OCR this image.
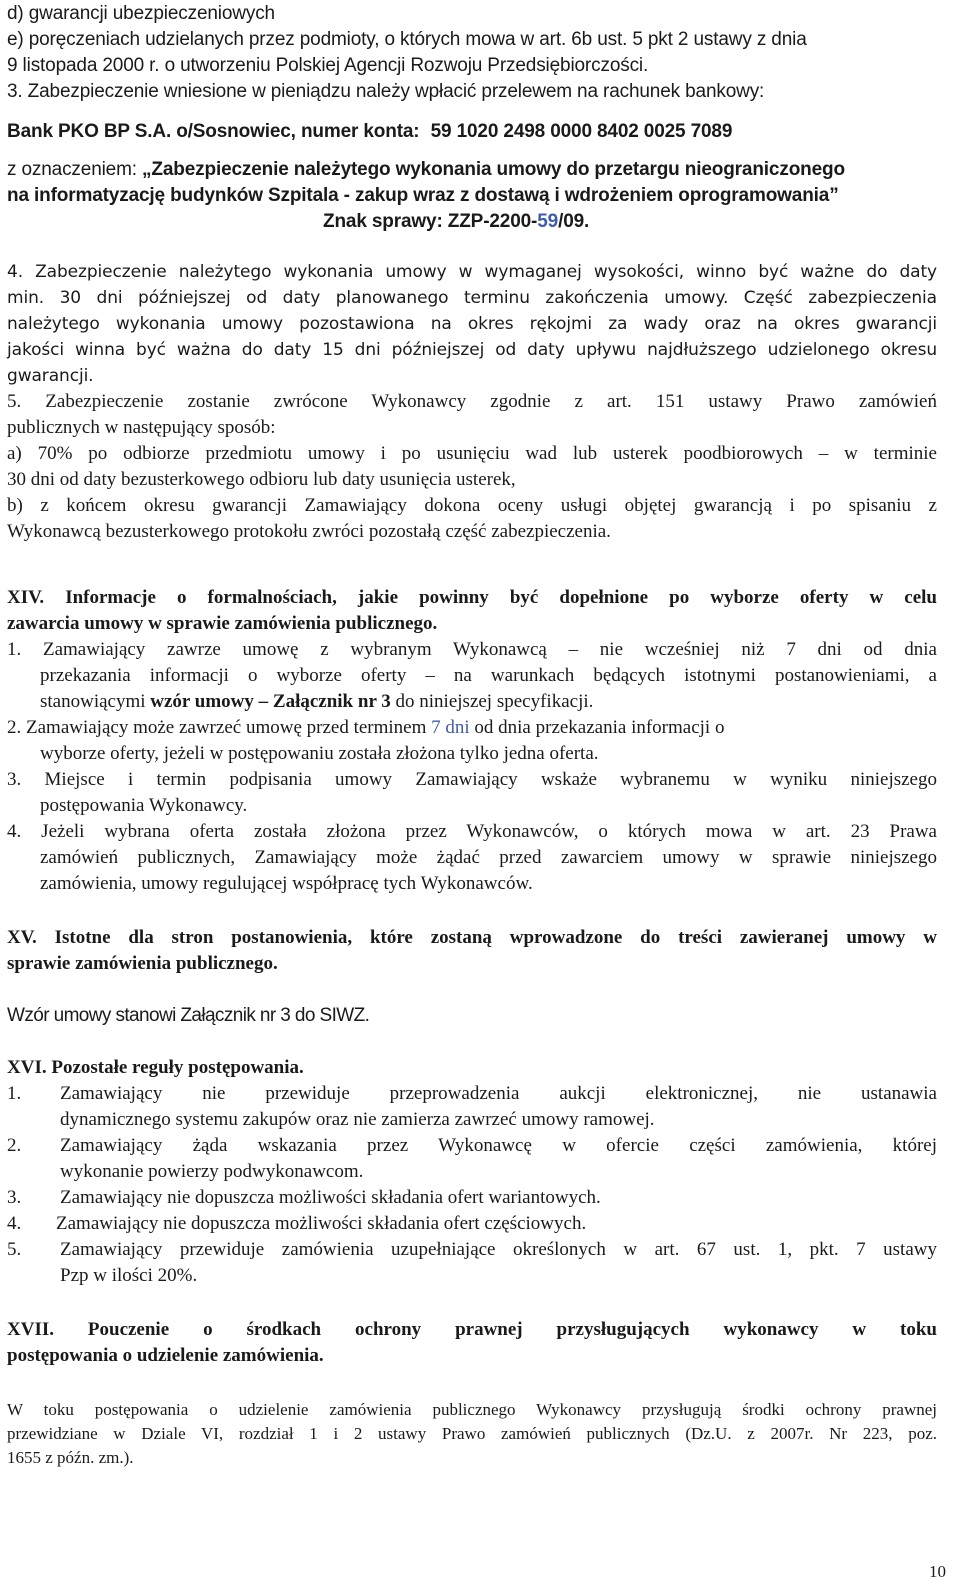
d) gwarancji ubezpieczeniowych
e) poręczeniach udzielanych przez podmioty, o których mowa w art. 6b ust. 5 pkt 2 ustawy z dnia
9 listopada 2000 r. o utworzeniu Polskiej Agencji Rozwoju Przedsiębiorczości.
3. Zabezpieczenie wniesione w pieniądzu należy wpłacić przelewem na rachunek bankowy:
Bank PKO BP S.A. o/Sosnowiec, numer konta: 59 1020 2498 0000 8402 0025 7089
z oznaczeniem: „Zabezpieczenie należytego wykonania umowy do przetargu nieograniczonego
na informatyzację budynków Szpitala - zakup wraz z dostawą i wdrożeniem oprogramowania”
Znak sprawy: ZZP-2200-59/09.
4. Zabezpieczenie należytego wykonania umowy w wymaganej wysokości, winno być ważne do daty
min. 30 dni późniejszej od daty planowanego terminu zakończenia umowy. Część zabezpieczenia
należytego wykonania umowy pozostawiona na okres rękojmi za wady oraz na okres gwarancji
jakości winna być ważna do daty 15 dni późniejszej od daty upływu najdłuższego udzielonego okresu
gwarancji.
5. Zabezpieczenie zostanie zwrócone Wykonawcy zgodnie z art. 151 ustawy Prawo zamówień
publicznych w następujący sposób:
a) 70% po odbiorze przedmiotu umowy i po usunięciu wad lub usterek poodbiorowych – w terminie
30 dni od daty bezusterkowego odbioru lub daty usunięcia usterek,
b) z końcem okresu gwarancji Zamawiający dokona oceny usługi objętej gwarancją i po spisaniu z
Wykonawcą bezusterkowego protokołu zwróci pozostałą część zabezpieczenia.
XIV. Informacje o formalnościach, jakie powinny być dopełnione po wyborze oferty w celu
zawarcia umowy w sprawie zamówienia publicznego.
1. Zamawiający zawrze umowę z wybranym Wykonawcą – nie wcześniej niż 7 dni od dnia
przekazania informacji o wyborze oferty – na warunkach będących istotnymi postanowieniami, a
stanowiącymi wzór umowy – Załącznik nr 3 do niniejszej specyfikacji.
2. Zamawiający może zawrzeć umowę przed terminem 7 dni od dnia przekazania informacji o
wyborze oferty, jeżeli w postępowaniu została złożona tylko jedna oferta.
3. Miejsce i termin podpisania umowy Zamawiający wskaże wybranemu w wyniku niniejszego
postępowania Wykonawcy.
4. Jeżeli wybrana oferta została złożona przez Wykonawców, o których mowa w art. 23 Prawa
zamówień publicznych, Zamawiający może żądać przed zawarciem umowy w sprawie niniejszego
zamówienia, umowy regulującej współpracę tych Wykonawców.
XV. Istotne dla stron postanowienia, które zostaną wprowadzone do treści zawieranej umowy w
sprawie zamówienia publicznego.
Wzór umowy stanowi Załącznik nr 3 do SIWZ.
XVI. Pozostałe reguły postępowania.
1. Zamawiający nie przewiduje przeprowadzenia aukcji elektronicznej, nie ustanawia
dynamicznego systemu zakupów oraz nie zamierza zawrzeć umowy ramowej.
2. Zamawiający żąda wskazania przez Wykonawcę w ofercie części zamówienia, której
wykonanie powierzy podwykonawcom.
3. Zamawiający nie dopuszcza możliwości składania ofert wariantowych.
4. Zamawiający nie dopuszcza możliwości składania ofert częściowych.
5. Zamawiający przewiduje zamówienia uzupełniające określonych w art. 67 ust. 1, pkt. 7 ustawy
Pzp w ilości 20%.
XVII. Pouczenie o środkach ochrony prawnej przysługujących wykonawcy w toku
postępowania o udzielenie zamówienia.
W toku postępowania o udzielenie zamówienia publicznego Wykonawcy przysługują środki ochrony prawnej
przewidziane w Dziale VI, rozdział 1 i 2 ustawy Prawo zamówień publicznych (Dz.U. z 2007r. Nr 223, poz.
1655 z późn. zm.).
10
